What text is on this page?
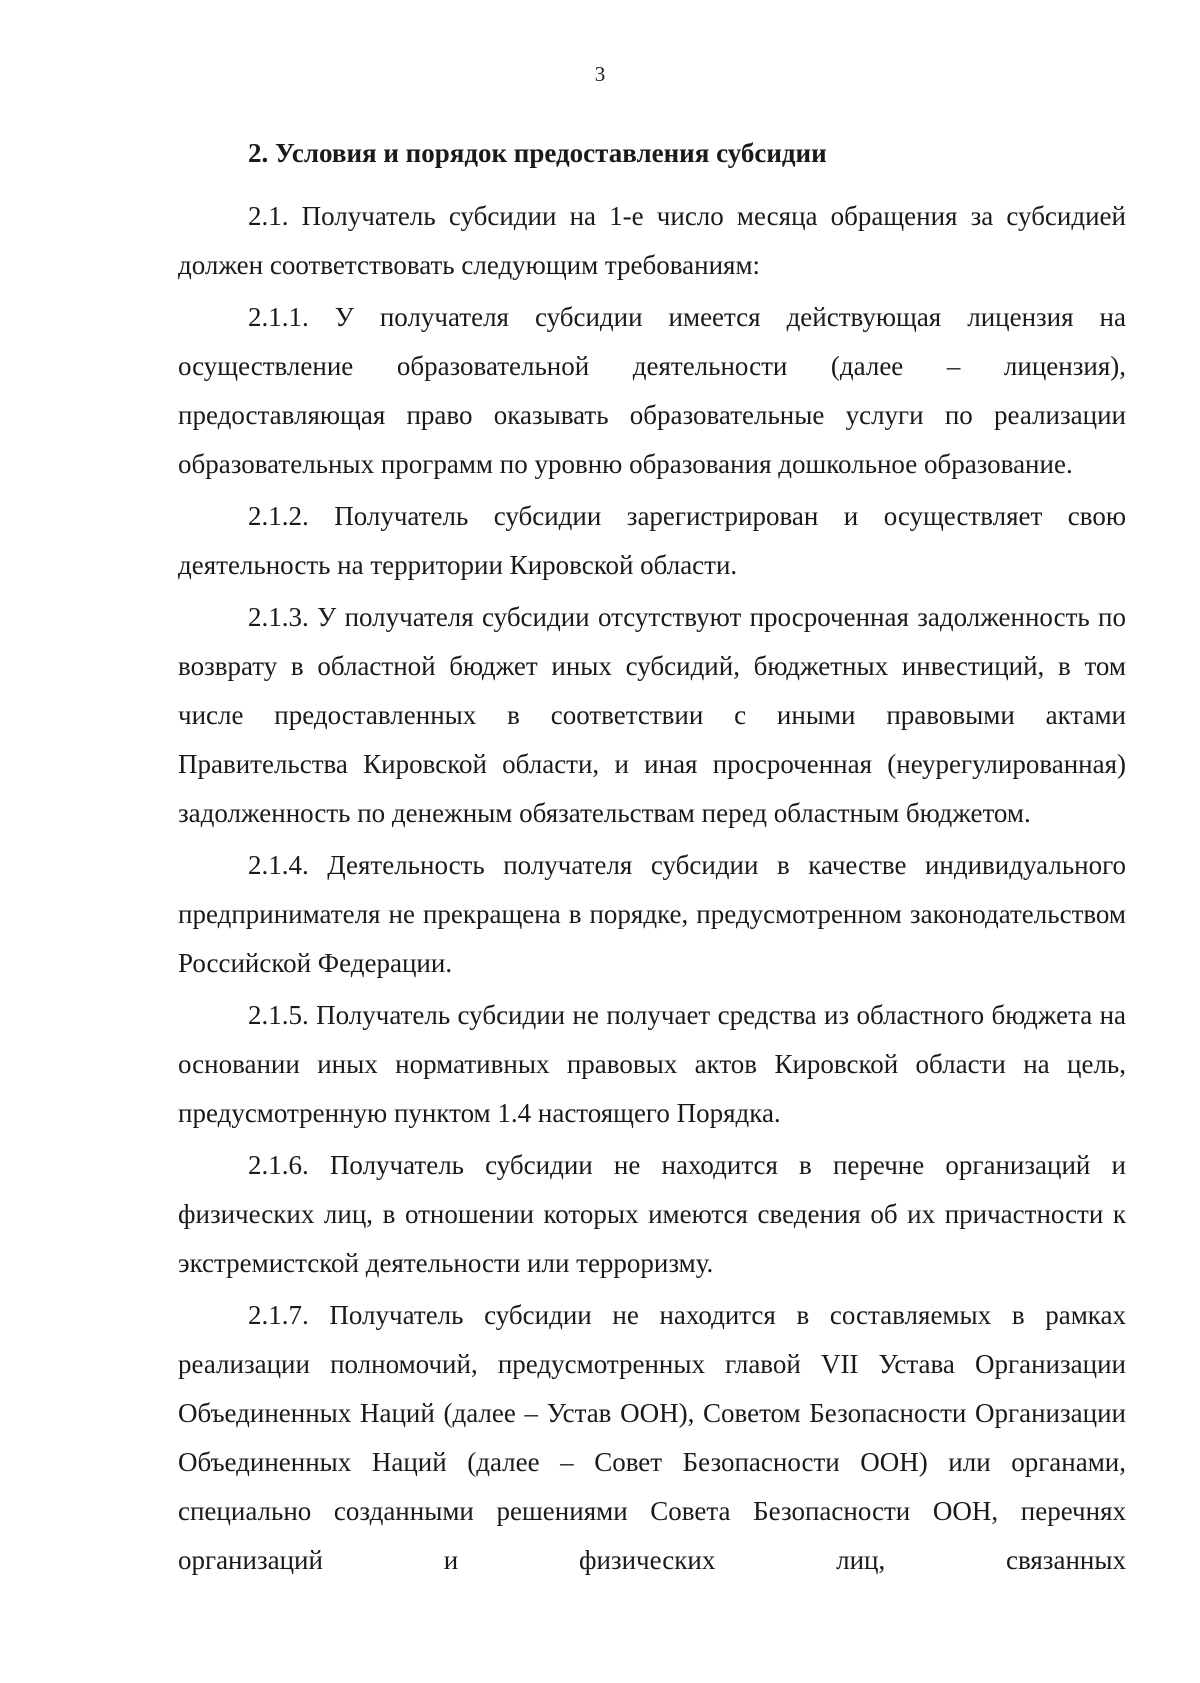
3
2. Условия и порядок предоставления субсидии

2.1. Получатель субсидии на 1-е число месяца обращения за субсидией должен соответствовать следующим требованиям:

2.1.1. У получателя субсидии имеется действующая лицензия на осуществление образовательной деятельности (далее – лицензия), предоставляющая право оказывать образовательные услуги по реализации образовательных программ по уровню образования дошкольное образование.

2.1.2. Получатель субсидии зарегистрирован и осуществляет свою деятельность на территории Кировской области.

2.1.3. У получателя субсидии отсутствуют просроченная задолженность по возврату в областной бюджет иных субсидий, бюджетных инвестиций, в том числе предоставленных в соответствии с иными правовыми актами Правительства Кировской области, и иная просроченная (неурегулированная) задолженность по денежным обязательствам перед областным бюджетом.

2.1.4. Деятельность получателя субсидии в качестве индивидуального предпринимателя не прекращена в порядке, предусмотренном законодательством Российской Федерации.

2.1.5. Получатель субсидии не получает средства из областного бюджета на основании иных нормативных правовых актов Кировской области на цель, предусмотренную пунктом 1.4 настоящего Порядка.

2.1.6. Получатель субсидии не находится в перечне организаций и физических лиц, в отношении которых имеются сведения об их причастности к экстремистской деятельности или терроризму.

2.1.7. Получатель субсидии не находится в составляемых в рамках реализации полномочий, предусмотренных главой VII Устава Организации Объединенных Наций (далее – Устав ООН), Советом Безопасности Организации Объединенных Наций (далее – Совет Безопасности ООН) или органами, специально созданными решениями Совета Безопасности ООН, перечнях организаций и физических лиц, связанных
